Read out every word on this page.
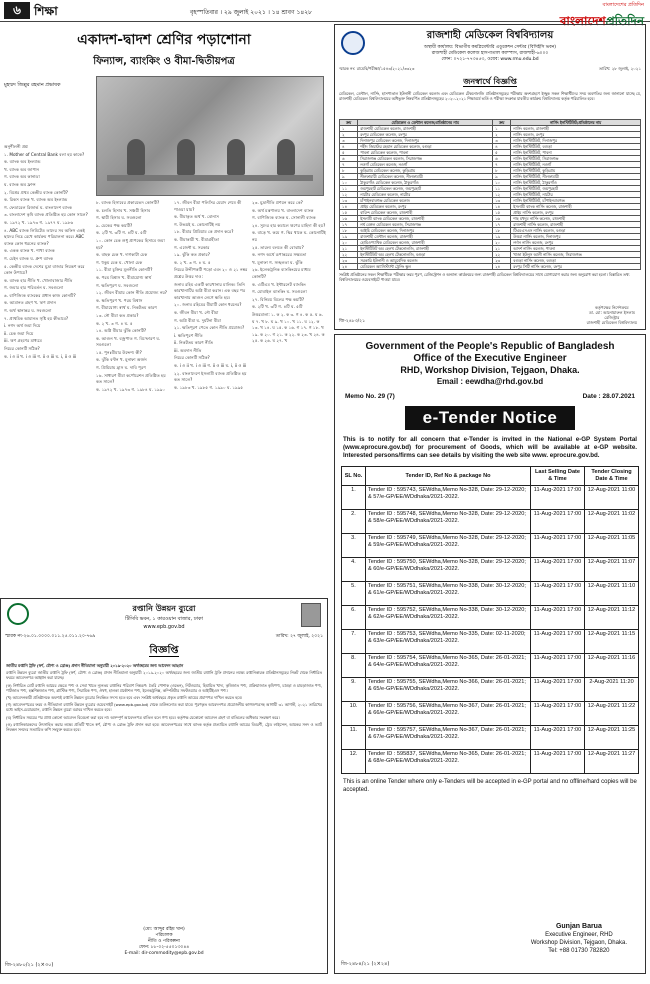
৬	শিক্ষা	বৃহস্পতিবার । ২৯ জুলাই ২০২১ । ১৪ শ্রাবণ ১৪২৮
বাংলাদেশের প্রতিদিন
বাংলাদেশপ্রতিদিন
একাদশ-দ্বাদশ শ্রেণির পড়াশোনা
ফিন্যান্স, ব্যাংকিং ও বীমা-দ্বিতীয়পত্র
মুহম্মদ জিল্লুর রহমান প্রভাষক

অনুশীলনী প্রশ্ন

১. Mother of Central Bank বলা হয় কাকে?

ক. ব্যাংক অব ইংল্যান্ড

খ. ব্যাংক অব জাপান

গ. ব্যাংক অব কানাডা

ঘ. ব্যাংক অব ফ্রান্স

২. বিশ্বের প্রথম কেন্দ্রীয় ব্যাংক কোনটি?

ক. রিকস ব্যাংক খ. ব্যাংক অব ইংল্যান্ড

গ. ফেডারেল রিজার্ভ ঘ. বাংলাদেশ ব্যাংক

৩. বাংলাদেশ কৃষি ব্যাংক প্রতিষ্ঠিত হয় কোন সালে?

ক. ১৯৭২ খ. ১৯৭৩ গ. ১৯৭৭ ঘ. ১৯৮৬

৪. ABC ব্যাংক লিমিটেড তাদের সব অফিস একই ছাদের নিচে রেখে কার্যক্রম পরিচালনা করে। ABC ব্যাংক কোন ধরনের ব্যাংক?

ক. একক ব্যাংক খ. শাখা ব্যাংক

গ. চেইন ব্যাংক ঘ. গ্রুপ ব্যাংক

৫. কেন্দ্রীয় ব্যাংক দেশের মুদ্রা বাজার নিয়ন্ত্রণ করে কোন উপায়ে?

ক. ব্যাংক হার নীতি খ. খোলাবাজার নীতি

গ. জমার হার পরিবর্তন ঘ. সবগুলো

৬. বাণিজ্যিক ব্যাংকের প্রধান কাজ কোনটি?

ক. আমানত গ্রহণ খ. ঋণ প্রদান

গ. অর্থ স্থানান্তর ঘ. সবগুলো

৭. প্রাথমিক আমানত সৃষ্টি হয় কীভাবে?

i. নগদ অর্থ জমা দিয়ে

ii. চেক জমা দিয়ে

iii. ঋণ গ্রহণের মাধ্যমে

নিচের কোনটি সঠিক?

ক. i ও ii খ. i ও iii গ. ii ও iii ঘ. i, ii ও iii

৮. ব্যাংক হিসাবের প্রকারভেদ কোনটি?

ক. চলতি হিসাব খ. সঞ্চয়ী হিসাব

গ. স্থায়ী হিসাব ঘ. সবগুলো

৯. চেকের পক্ষ কয়টি?

ক. ২টি খ. ৩টি গ. ৪টি ঘ. ৫টি

১০. কোন চেক শুধু প্রাপকের হিসাবে জমা হয়?

ক. বাহক চেক খ. দাগকাটা চেক

গ. হুকুম চেক ঘ. খোলা চেক

১১. বীমা চুক্তির মূলনীতি কোনটি?

ক. পরম বিশ্বাস খ. বীমাযোগ্য স্বার্থ

গ. ক্ষতিপূরণ ঘ. সবগুলো

১২. জীবন বীমায় কোন নীতি প্রযোজ্য নয়?

ক. ক্ষতিপূরণ খ. পরম বিশ্বাস

গ. বীমাযোগ্য স্বার্থ ঘ. নিকটতম কারণ

১৩. নৌ বীমা কত প্রকার?

ক. ২ খ. ৩ গ. ৪ ঘ. ৫

১৪. অগ্নি বীমার ঝুঁকি কোনটি?

ক. আগুন খ. বজ্রপাত গ. বিস্ফোরণ ঘ. সবগুলো

১৫. পুনঃবীমার উদ্দেশ্য কী?

ক. ঝুঁকি বণ্টন খ. মুনাফা অর্জন

গ. প্রিমিয়াম হ্রাস ঘ. দাবি পূরণ

১৬. সাধারণ বীমা কর্পোরেশন প্রতিষ্ঠিত হয় কত সালে?

ক. ১৯৭২ খ. ১৯৭৩ গ. ১৯৮৪ ঘ. ১৯৯০

১৭. জীবন বীমা পলিসির মেয়াদ শেষে কী পাওয়া যায়?

ক. বীমাকৃত অর্থ খ. বোনাস

গ. উভয়ই ঘ. কোনোটিই নয়

১৮. বীমার প্রিমিয়াম কে প্রদান করে?

ক. বীমাকারী খ. বীমাগ্রহীতা

গ. এজেন্ট ঘ. সরকার

১৯. ঝুঁকি কত প্রকার?

ক. ২ খ. ৩ গ. ৪ ঘ. ৫

নিচের উদ্দীপকটি পড়ো এবং ২০ ও ২১ নম্বর প্রশ্নের উত্তর দাও:

জনাব রহিম একটি কারখানার মালিক। তিনি কারখানাটির অগ্নি বীমা করান। এক বছর পর কারখানায় আগুন লেগে ক্ষতি হয়।

২০. জনাব রহিমের বীমাটি কোন ধরনের?

ক. জীবন বীমা খ. নৌ বীমা

গ. অগ্নি বীমা ঘ. দুর্ঘটনা বীমা

২১. ক্ষতিপূরণ পেতে কোন নীতি প্রযোজ্য?

i. ক্ষতিপূরণ নীতি

ii. নিকটতম কারণ নীতি

iii. অবদান নীতি

নিচের কোনটি সঠিক?

ক. i ও ii খ. i ও iii গ. ii ও iii ঘ. i, ii ও iii

২২. বাংলাদেশে ইসলামী ব্যাংক প্রতিষ্ঠিত হয় কত সালে?

ক. ১৯৮৩ খ. ১৯৮৫ গ. ১৯৯০ ঘ. ১৯৯৫

২৩. মুদ্রানীতি প্রণয়ন করে কে?

ক. অর্থ মন্ত্রণালয় খ. বাংলাদেশ ব্যাংক

গ. বাণিজ্যিক ব্যাংক ঘ. সোনালী ব্যাংক

২৪. সুদের হার কমালে ঋণের চাহিদা কী হয়?

ক. বাড়ে খ. কমে গ. স্থির থাকে ঘ. কোনোটিই নয়

২৫. তারল্য বলতে কী বোঝায়?

ক. নগদ অর্থে রূপান্তরের সক্ষমতা

খ. মুনাফা গ. সচ্ছলতা ঘ. ঝুঁকি

২৬. ইলেকট্রনিক ব্যাংকিংয়ের মাধ্যম কোনটি?

ক. এটিএম খ. ইন্টারনেট ব্যাংকিং

গ. মোবাইল ব্যাংকিং ঘ. সবগুলো

২৭. বিনিময় বিলের পক্ষ কয়টি?

ক. ২টি খ. ৩টি গ. ৪টি ঘ. ৫টি

উত্তরমালা: ১. ক ২. ক ৩. গ ৪. ক ৫. ঘ ৬. ঘ ৭. খ ৮. ঘ ৯. খ ১০. খ ১১. ঘ ১২. ক ১৩. খ ১৪. ঘ ১৫. ক ১৬. গ ১৭. গ ১৮. খ ১৯. ক ২০. গ ২১. ক ২২. ক ২৩. খ ২৪. ক ২৫. ক ২৬. ঘ ২৭. খ

রপ্তানি উন্নয়ন ব্যুরো
টিসিবি ভবন, ১ কারওয়ান বাজার, ঢাকা
www.epb.gov.bd
স্মারক নং-২৬.০১.০০০০.০১১.২৫.০১১.২০-৭৬৯	তারিখ: ২৭ জুলাই, ২০২১
বিজ্ঞপ্তি

জাতীয় রপ্তানি ট্রফি (স্বর্ণ, রৌপ্য ও ব্রোঞ্জ) প্রদান নীতিমালা অনুযায়ী ২০১৯-২০২০ অর্থবছরের জন্য আবেদন আহ্বান

রপ্তানি উন্নয়ন ব্যুরো জাতীয় রপ্তানি ট্রফি (স্বর্ণ, রৌপ্য ও ব্রোঞ্জ) প্রদান নীতিমালা অনুযায়ী ২০১৯-২০২০ অর্থবছরের জন্য জাতীয় রপ্তানি ট্রফি প্রদানের লক্ষ্যে রপ্তানিকারক প্রতিষ্ঠানসমূহের নিকট থেকে নির্ধারিত ফরমে আবেদনপত্র আহ্বান করা যাচ্ছে।

(ক) নির্ধারিত মোট রপ্তানি আয়ের ক্ষেত্রে পণ্য ও সেবা খাতে ন্যূনতম রপ্তানির পরিমাণ নিম্নরূপ: তৈরি পোশাক (ওভেন), নিটওয়্যার, হিমায়িত খাদ্য, কৃষিজাত পণ্য, প্রক্রিয়াজাত কৃষিপণ্য, চামড়া ও চামড়াজাত পণ্য, পাটজাত পণ্য, হস্তশিল্পজাত পণ্য, প্লাস্টিক পণ্য, সিরামিক পণ্য, ঔষধ, হালকা প্রকৌশল পণ্য, ইলেকট্রনিক্স, কম্পিউটার সফটওয়্যার ও আইটিইএস পণ্য।

(খ) আবেদনকারী প্রতিষ্ঠানকে অবশ্যই রপ্তানি উন্নয়ন ব্যুরোর নিবন্ধিত সদস্য হতে হবে এবং সংশ্লিষ্ট অর্থবছরে প্রকৃত রপ্তানি আয়ের প্রমাণপত্র দাখিল করতে হবে।

(গ) আবেদনপত্রের ফরম ও নীতিমালা রপ্তানি উন্নয়ন ব্যুরোর ওয়েবসাইট (www.epb.gov.bd) থেকে ডাউনলোড করা যাবে। পূরণকৃত আবেদনপত্র প্রয়োজনীয় কাগজপত্রসহ আগামী ৩১ আগস্ট, ২০২১ তারিখের মধ্যে ভাইস-চেয়ারম্যান, রপ্তানি উন্নয়ন ব্যুরো বরাবর দাখিল করতে হবে।

(ঘ) নির্ধারিত সময়ের পর প্রাপ্ত কোনো আবেদন বিবেচনা করা হবে না। অসম্পূর্ণ আবেদনপত্র বাতিল বলে গণ্য হবে। কর্তৃপক্ষ যেকোনো আবেদন গ্রহণ বা বাতিলের অধিকার সংরক্ষণ করে।

(ঙ) রপ্তানিকারকদের উৎসাহিত করার লক্ষ্যে প্রতিটি খাতে স্বর্ণ, রৌপ্য ও ব্রোঞ্জ ট্রফি প্রদান করা হবে। আবেদনপত্রের সাথে ব্যাংক কর্তৃক প্রত্যায়িত রপ্তানি আয়ের বিবরণী, ট্রেড লাইসেন্স, আয়কর সনদ ও ভ্যাট নিবন্ধন সনদের সত্যায়িত কপি সংযুক্ত করতে হবে।

(মো: আব্দুর রহিম খান)
পরিচালক
নীতি ও পরিকল্পনা
ফোন: ৮৮-০২-৫৫০১৩০৪৪
E-mail: dir-commodity@epb.gov.bd
জি-২৪৮০/২১ (২×৩০)
রাজশাহী মেডিকেল বিশ্ববিদ্যালয়
অস্থায়ী কার্যালয়: বিভাগীয় কমপ্লিমেন্টারি এডুকেশন সেন্টার (বিসিইসি ভবন)
রাজশাহী মেডিকেল কলেজ হাসপাতাল ক্যাম্পাস, রাজশাহী-৬০০০
ফোন: ০৭২১-৭৭৩৪৫৩, ওয়েব: www.rmu.edu.bd
স্মারক নং: রামেবি/পরীক্ষা/১৫৪৩/২০২১/৩৩২৩	তারিখ: ২৮ জুলাই, ২০২১
জনস্বার্থে বিজ্ঞপ্তি
মেডিকেল, ডেন্টাল, নার্সিং, হাসপাতাল ইউনানী মেডিকেল কলেজ এবং মেডিকেল টেকনোলজি প্রতিষ্ঠানসমূহের পরীক্ষায় অংশগ্রহণে ইচ্ছুক সকল শিক্ষার্থীদের সদয় অবগতির জন্য জানানো যাচ্ছে যে, রাজশাহী মেডিকেল বিশ্ববিদ্যালয়ের অধিভুক্ত নিম্নবর্ণিত প্রতিষ্ঠানসমূহের ২০২০-২০২১ শিক্ষাবর্ষে ভর্তি ও পরীক্ষা সংক্রান্ত যাবতীয় কার্যক্রম বিশ্ববিদ্যালয় কর্তৃক পরিচালিত হবে।
ক্রম	মেডিকেল ও ডেন্টাল কলেজ/প্রতিষ্ঠানের নাম	ক্রম	নার্সিং ইনস্টিটিউট/প্রতিষ্ঠানের নাম
১	রাজশাহী মেডিকেল কলেজ, রাজশাহী	১	নার্সিং কলেজ, রাজশাহী
২	রংপুর মেডিকেল কলেজ, রংপুর	২	নার্সিং কলেজ, রংপুর
৩	দিনাজপুর মেডিকেল কলেজ, দিনাজপুর	৩	নার্সিং ইনস্টিটিউট, দিনাজপুর
৪	শহীদ জিয়াউর রহমান মেডিকেল কলেজ, বগুড়া	৪	নার্সিং ইনস্টিটিউট, বগুড়া
৫	পাবনা মেডিকেল কলেজ, পাবনা	৫	নার্সিং ইনস্টিটিউট, পাবনা
৬	সিরাজগঞ্জ মেডিকেল কলেজ, সিরাজগঞ্জ	৬	নার্সিং ইনস্টিটিউট, সিরাজগঞ্জ
৭	নওগাঁ মেডিকেল কলেজ, নওগাঁ	৭	নার্সিং ইনস্টিটিউট, নওগাঁ
৮	কুড়িগ্রাম মেডিকেল কলেজ, কুড়িগ্রাম	৮	নার্সিং ইনস্টিটিউট, কুড়িগ্রাম
৯	নীলফামারী মেডিকেল কলেজ, নীলফামারী	৯	নার্সিং ইনস্টিটিউট, নীলফামারী
১০	ঠাকুরগাঁও মেডিকেল কলেজ, ঠাকুরগাঁও	১০	নার্সিং ইনস্টিটিউট, ঠাকুরগাঁও
১১	জয়পুরহাট মেডিকেল কলেজ, জয়পুরহাট	১১	নার্সিং ইনস্টিটিউট, জয়পুরহাট
১২	নাটোর মেডিকেল কলেজ, নাটোর	১২	নার্সিং ইনস্টিটিউট, নাটোর
১৩	চাঁপাইনবাবগঞ্জ মেডিকেল কলেজ	১৩	নার্সিং ইনস্টিটিউট, চাঁপাইনবাবগঞ্জ
১৪	প্রাইম মেডিকেল কলেজ, রংপুর	১৪	ইসলামী ব্যাংক নার্সিং কলেজ, রাজশাহী
১৫	বারিন্দ মেডিকেল কলেজ, রাজশাহী	১৫	প্রাইম নার্সিং কলেজ, রংপুর
১৬	ইসলামী ব্যাংক মেডিকেল কলেজ, রাজশাহী	১৬	শাহ মখদুম নার্সিং কলেজ, রাজশাহী
১৭	নর্থ বেঙ্গল মেডিকেল কলেজ, সিরাজগঞ্জ	১৭	রাজশাহী নার্সিং কলেজ, রাজশাহী
১৮	আইচি মেডিকেল কলেজ, দিনাজপুর	১৮	টিএমএসএস নার্সিং কলেজ, বগুড়া
১৯	রাজশাহী ডেন্টাল কলেজ, রাজশাহী	১৯	উত্তরা নার্সিং কলেজ, দিনাজপুর
২০	হোমিওপ্যাথিক মেডিকেল কলেজ, রাজশাহী	২০	নর্দান নার্সিং কলেজ, রংপুর
২১	ইনস্টিটিউট অব হেলথ টেকনোলজি, রাজশাহী	২১	আদর্শ নার্সিং কলেজ, পাবনা
২২	ইনস্টিটিউট অব হেলথ টেকনোলজি, বগুড়া	২২	খাজা ইউনুস আলী নার্সিং কলেজ, সিরাজগঞ্জ
২৩	সরকারি ইউনানী ও আয়ুর্বেদিক কলেজ	২৩	বগুড়া নার্সিং কলেজ, বগুড়া
২৪	মেডিকেল অ্যাসিস্ট্যান্ট ট্রেনিং স্কুল	২৪	রংপুর সিটি নার্সিং কলেজ, রংপুর
সংশ্লিষ্ট প্রতিষ্ঠানের সকল শিক্ষার্থীকে পরীক্ষার ফরম পূরণ, রেজিস্ট্রেশন ও অন্যান্য কার্যক্রমের জন্য রাজশাহী মেডিকেল বিশ্ববিদ্যালয়ের সাথে যোগাযোগ করার জন্য অনুরোধ করা হলো। বিস্তারিত তথ্য বিশ্ববিদ্যালয়ের ওয়েবসাইটে পাওয়া যাবে।
কর্তৃপক্ষের নির্দেশক্রমে
ডা. মো: আনোয়ারুল ইসলাম
রেজিস্ট্রার
রাজশাহী মেডিকেল বিশ্ববিদ্যালয়
জি-২৪৮৩/২১
Government of the People's Republic of Bangladesh
Office of the Executive Engineer
RHD, Workshop Division, Tejgaon, Dhaka.
Email : eewdha@rhd.gov.bd
Memo No. 29 (7)	Date : 28.07.2021
e-Tender Notice
This is to notify for all concern that e-Tender is invited in the National e-GP System Portal (www.eprocure.gov.bd) for procurement of Goods, which will be available at e-GP website. Interested persons/firms can see details by visiting the web site www. eprocure.gov.bd.
SL No.	Tender ID, Ref No & package No	Last Selling Date & Time	Tender Closing Date & Time
1.	Tender ID : 595743, SEWdha,Memo No-328, Date: 29-12-2020; & 57/e-GP/EE/WDdhaka/2021-2022.	11-Aug-2021 17:00	12-Aug-2021 11:00
2.	Tender ID : 595748, SEWdha,Memo No-328, Date: 29-12-2020; & 58/e-GP/EE/WDdhaka/2021-2022.	11-Aug-2021 17:00	12-Aug-2021 11:02
3.	Tender ID : 595749, SEWdha,Memo No-328, Date: 29-12-2020; & 59/e-GP/EE/WDdhaka/2021-2022.	11-Aug-2021 17:00	12-Aug-2021 11:05
4.	Tender ID : 595750, SEWdha,Memo No-328, Date: 29-12-2020; & 60/e-GP/EE/WDdhaka/2021-2022.	11-Aug-2021 17:00	12-Aug-2021 11:07
5.	Tender ID : 595751, SEWdha,Memo No-338, Date: 30-12-2020; & 61/e-GP/EE/WDdhaka/2021-2022.	11-Aug-2021 17:00	12-Aug-2021 11:10
6.	Tender ID : 595752, SEWdha,Memo No-338, Date: 30-12-2020; & 62/e-GP/EE/WDdhaka/2021-2022.	11-Aug-2021 17:00	12-Aug-2021 11:12
7.	Tender ID : 595753, SEWdha,Memo No-335, Date: 02-11-2020; & 63/e-GP/EE/WDdhaka/2021-2022.	11-Aug-2021 17:00	12-Aug-2021 11:15
8.	Tender ID : 595754, SEWdha,Memo No-365, Date: 26-01-2021; & 64/e-GP/EE/WDdhaka/2021-2022.	11-Aug-2021 17:00	12-Aug-2021 11:16
9.	Tender ID : 595755, SEWdha,Memo No-366, Date: 26-01-2021; & 65/e-GP/EE/WDdhaka/2021-2022.	11-Aug-2021 17:00	2-Aug-2021 11:20
10.	Tender ID : 595756, SEWdha,Memo No-367, Date: 26-01-2021; & 66/e-GP/EE/WDdhaka/2021-2022.	11-Aug-2021 17:00	12-Aug-2021 11:22
11.	Tender ID : 595757, SEWdha,Memo No-367, Date: 26-01-2021; & 67/e-GP/EE/WDdhaka/2021-2022.	11-Aug-2021 17:00	12-Aug-2021 11:25
12.	Tender ID : 595837, SEWdha,Memo No-365, Date: 26-01-2021; & 68/e-GP/EE/WDdhaka/2021-2022.	11-Aug-2021 17:00	12-Aug-2021 11:27
This is an online Tender where only e-Tenders will be accepted in e-GP portal and no offline/hard copies will be accepted.
Gunjan Barua
Executive Engineer, RHD
Workshop Division, Tejgaon, Dhaka.
Tel: +88 01730 782820
জি-২৪৮৪/২১ (২×২৪)
